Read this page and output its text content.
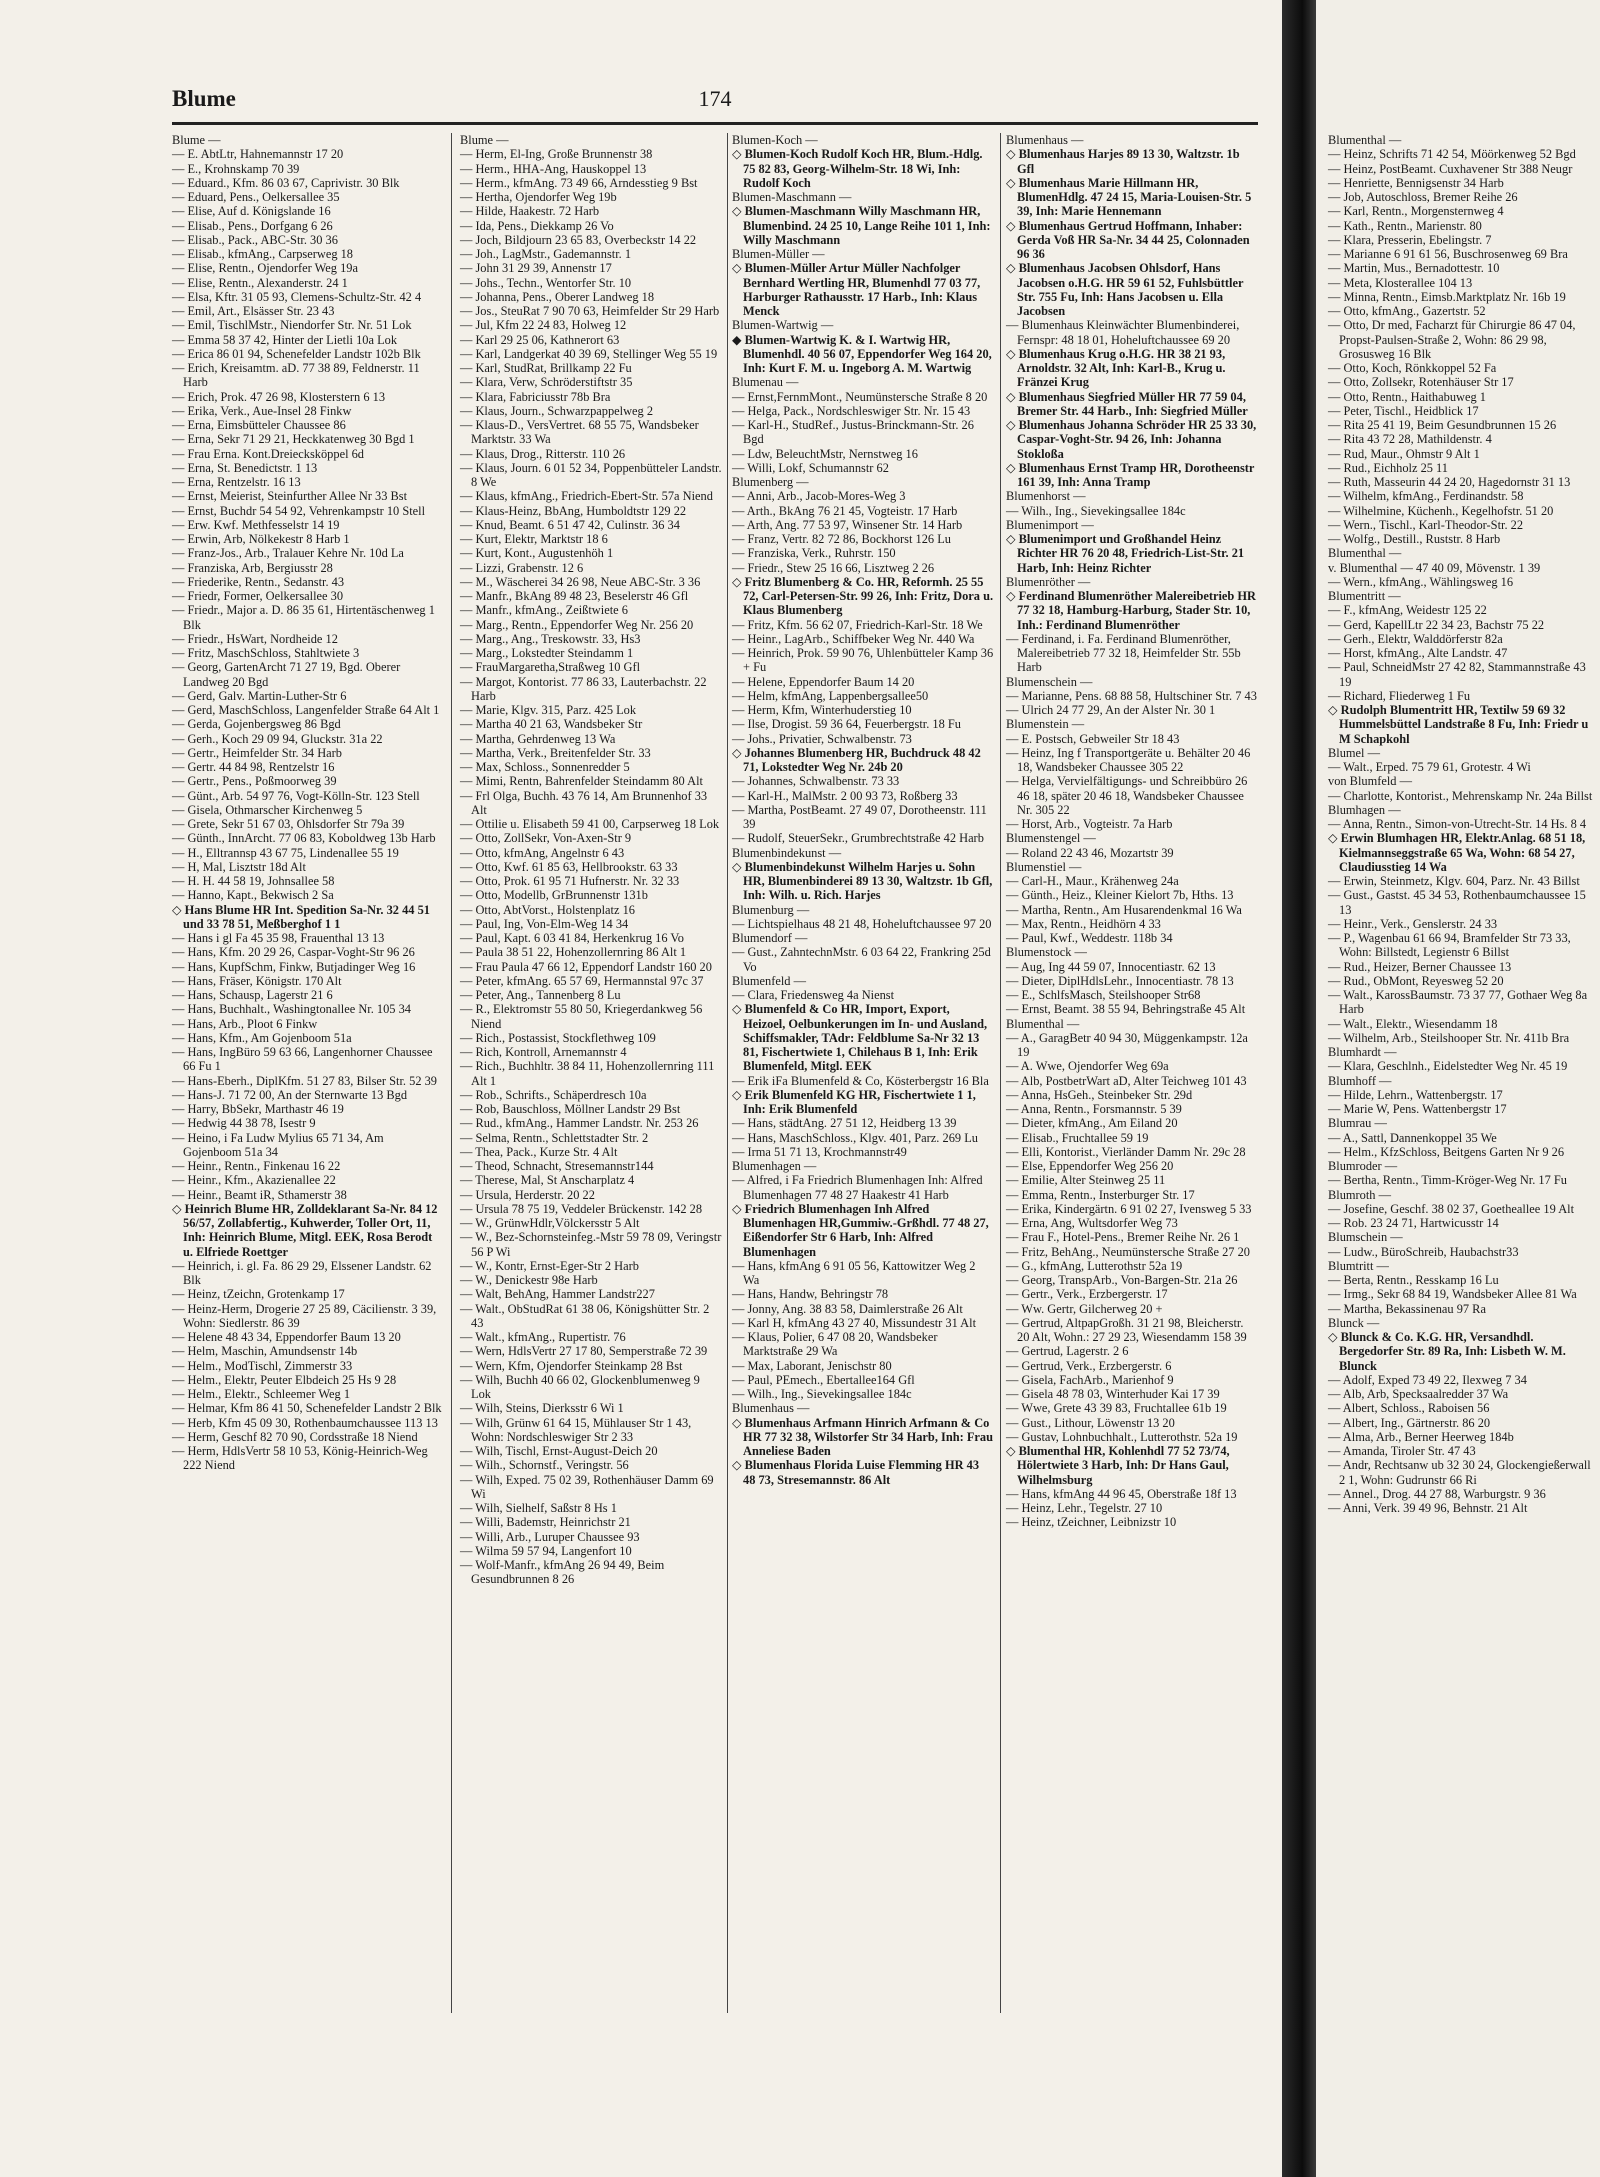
Blume	174

Blume —

— E. AbtLtr, Hahnemannstr 17 20

— E., Krohnskamp 70 39

— Eduard., Kfm. 86 03 67, Caprivistr. 30 Blk

— Eduard, Pens., Oelkersallee 35

— Elise, Auf d. Königslande 16

— Elisab., Pens., Dorfgang 6 26

— Elisab., Pack., ABC-Str. 30 36

— Elisab., kfmAng., Carpserweg 18

— Elise, Rentn., Ojendorfer Weg 19a

— Elise, Rentn., Alexanderstr. 24 1

— Elsa, Kftr. 31 05 93, Clemens-Schultz-Str. 42 4

— Emil, Art., Elsässer Str. 23 43

— Emil, TischlMstr., Niendorfer Str. Nr. 51 Lok

— Emma 58 37 42, Hinter der Lietli 10a Lok

— Erica 86 01 94, Schenefelder Landstr 102b Blk

— Erich, Kreisamtm. aD. 77 38 89, Feldnerstr. 11 Harb

— Erich, Prok. 47 26 98, Klosterstern 6 13

— Erika, Verk., Aue-Insel 28 Finkw

— Erna, Eimsbütteler Chaussee 86

— Erna, Sekr 71 29 21, Heckkatenweg 30 Bgd 1

— Frau Erna. Kont.Dreiecksköppel 6d

— Erna, St. Benedictstr. 1 13

— Erna, Rentzelstr. 16 13

— Ernst, Meierist, Steinfurther Allee Nr 33 Bst

— Ernst, Buchdr 54 54 92, Vehrenkampstr 10 Stell

— Erw. Kwf. Methfesselstr 14 19

— Erwin, Arb, Nölkekestr 8 Harb 1

— Franz-Jos., Arb., Tralauer Kehre Nr. 10d La

— Franziska, Arb, Bergiusstr 28

— Friederike, Rentn., Sedanstr. 43

— Friedr, Former, Oelkersallee 30

— Friedr., Major a. D. 86 35 61, Hirtentäschenweg 1 Blk

— Friedr., HsWart, Nordheide 12

— Fritz, MaschSchloss, Stahltwiete 3

— Georg, GartenArcht 71 27 19, Bgd. Oberer Landweg 20 Bgd

— Gerd, Galv. Martin-Luther-Str 6

— Gerd, MaschSchloss, Langenfelder Straße 64 Alt 1

— Gerda, Gojenbergsweg 86 Bgd

— Gerh., Koch 29 09 94, Gluckstr. 31a 22

— Gertr., Heimfelder Str. 34 Harb

— Gertr. 44 84 98, Rentzelstr 16

— Gertr., Pens., Poßmoorweg 39

— Günt., Arb. 54 97 76, Vogt-Kölln-Str. 123 Stell

— Gisela, Othmarscher Kirchenweg 5

— Grete, Sekr 51 67 03, Ohlsdorfer Str 79a 39

— Günth., InnArcht. 77 06 83, Koboldweg 13b Harb

— H., Elltrannsp 43 67 75, Lindenallee 55 19

— H, Mal, Lisztstr 18d Alt

— H. H. 44 58 19, Johnsallee 58

— Hanno, Kapt., Bekwisch 2 Sa

◇ Hans Blume HR Int. Spedition Sa-Nr. 32 44 51 und 33 78 51, Meßberghof 1 1

— Hans i gl Fa 45 35 98, Frauenthal 13 13

— Hans, Kfm. 20 29 26, Caspar-Voght-Str 96 26

— Hans, KupfSchm, Finkw, Butjadinger Weg 16

— Hans, Fräser, Königstr. 170 Alt

— Hans, Schausp, Lagerstr 21 6

— Hans, Buchhalt., Washingtonallee Nr. 105 34

— Hans, Arb., Ploot 6 Finkw

— Hans, Kfm., Am Gojenboom 51a

— Hans, IngBüro 59 63 66, Langenhorner Chaussee 66 Fu 1

— Hans-Eberh., DiplKfm. 51 27 83, Bilser Str. 52 39

— Hans-J. 71 72 00, An der Sternwarte 13 Bgd

— Harry, BbSekr, Marthastr 46 19

— Hedwig 44 38 78, Isestr 9

— Heino, i Fa Ludw Mylius 65 71 34, Am Gojenboom 51a 34

— Heinr., Rentn., Finkenau 16 22

— Heinr., Kfm., Akazienallee 22

— Heinr., Beamt iR, Sthamerstr 38

◇ Heinrich Blume HR, Zolldeklarant Sa-Nr. 84 12 56/57, Zollabfertig., Kuhwerder, Toller Ort, 11, Inh: Heinrich Blume, Mitgl. EEK, Rosa Berodt u. Elfriede Roettger

— Heinrich, i. gl. Fa. 86 29 29, Elssener Landstr. 62 Blk

— Heinz, tZeichn, Grotenkamp 17

— Heinz-Herm, Drogerie 27 25 89, Cäcilienstr. 3 39, Wohn: Siedlerstr. 86 39

— Helene 48 43 34, Eppendorfer Baum 13 20

— Helm, Maschin, Amundsenstr 14b

— Helm., ModTischl, Zimmerstr 33

— Helm., Elektr, Peuter Elbdeich 25 Hs 9 28

— Helm., Elektr., Schleemer Weg 1

— Helmar, Kfm 86 41 50, Schenefelder Landstr 2 Blk

— Herb, Kfm 45 09 30, Rothenbaumchaussee 113 13

— Herm, Geschf 82 70 90, Cordsstraße 18 Niend

— Herm, HdlsVertr 58 10 53, König-Heinrich-Weg 222 Niend

Blume —

— Herm, El-Ing, Große Brunnenstr 38

— Herm., HHA-Ang, Hauskoppel 13

— Herm., kfmAng. 73 49 66, Arndesstieg 9 Bst

— Hertha, Ojendorfer Weg 19b

— Hilde, Haakestr. 72 Harb

— Ida, Pens., Diekkamp 26 Vo

— Joch, Bildjourn 23 65 83, Overbeckstr 14 22

— Joh., LagMstr., Gademannstr. 1

— John 31 29 39, Annenstr 17

— Johs., Techn., Wentorfer Str. 10

— Johanna, Pens., Oberer Landweg 18

— Jos., SteuRat 7 90 70 63, Heimfelder Str 29 Harb

— Jul, Kfm 22 24 83, Holweg 12

— Karl 29 25 06, Kathnerort 63

— Karl, Landgerkat 40 39 69, Stellinger Weg 55 19

— Karl, StudRat, Brillkamp 22 Fu

— Klara, Verw, Schröderstiftstr 35

— Klara, Fabriciusstr 78b Bra

— Klaus, Journ., Schwarzpappelweg 2

— Klaus-D., VersVertret. 68 55 75, Wandsbeker Marktstr. 33 Wa

— Klaus, Drog., Ritterstr. 110 26

— Klaus, Journ. 6 01 52 34, Poppenbütteler Landstr. 8 We

— Klaus, kfmAng., Friedrich-Ebert-Str. 57a Niend

— Klaus-Heinz, BbAng, Humboldtstr 129 22

— Knud, Beamt. 6 51 47 42, Culinstr. 36 34

— Kurt, Elektr, Marktstr 18 6

— Kurt, Kont., Augustenhöh 1

— Lizzi, Grabenstr. 12 6

— M., Wäscherei 34 26 98, Neue ABC-Str. 3 36

— Manfr., BkAng 89 48 23, Beselerstr 46 Gfl

— Manfr., kfmAng., Zeißtwiete 6

— Marg., Rentn., Eppendorfer Weg Nr. 256 20

— Marg., Ang., Treskowstr. 33, Hs3

— Marg., Lokstedter Steindamm 1

— FrauMargaretha,Straßweg 10 Gfl

— Margot, Kontorist. 77 86 33, Lauterbachstr. 22 Harb

— Marie, Klgv. 315, Parz. 425 Lok

— Martha 40 21 63, Wandsbeker Str

— Martha, Gehrdenweg 13 Wa

— Martha, Verk., Breitenfelder Str. 33

— Max, Schloss., Sonnenredder 5

— Mimi, Rentn, Bahrenfelder Steindamm 80 Alt

— Frl Olga, Buchh. 43 76 14, Am Brunnenhof 33 Alt

— Ottilie u. Elisabeth 59 41 00, Carpserweg 18 Lok

— Otto, ZollSekr, Von-Axen-Str 9

— Otto, kfmAng, Angelnstr 6 43

— Otto, Kwf. 61 85 63, Hellbrookstr. 63 33

— Otto, Prok. 61 95 71 Hufnerstr. Nr. 32 33

— Otto, Modellb, GrBrunnenstr 131b

— Otto, AbtVorst., Holstenplatz 16

— Paul, Ing, Von-Elm-Weg 14 34

— Paul, Kapt. 6 03 41 84, Herkenkrug 16 Vo

— Paula 38 51 22, Hohenzollernring 86 Alt 1

— Frau Paula 47 66 12, Eppendorf Landstr 160 20

— Peter, kfmAng. 65 57 69, Hermannstal 97c 37

— Peter, Ang., Tannenberg 8 Lu

— R., Elektromstr 55 80 50, Kriegerdankweg 56 Niend

— Rich., Postassist, Stockflethweg 109

— Rich, Kontroll, Arnemannstr 4

— Rich., Buchhltr. 38 84 11, Hohenzollernring 111 Alt 1

— Rob., Schrifts., Schäperdresch 10a

— Rob, Bauschloss, Möllner Landstr 29 Bst

— Rud., kfmAng., Hammer Landstr. Nr. 253 26

— Selma, Rentn., Schlettstadter Str. 2

— Thea, Pack., Kurze Str. 4 Alt

— Theod, Schnacht, Stresemannstr144

— Therese, Mal, St Anscharplatz 4

— Ursula, Herderstr. 20 22

— Ursula 78 75 19, Veddeler Brückenstr. 142 28

— W., GrünwHdlr,Völckersstr 5 Alt

— W., Bez-Schornsteinfeg.-Mstr 59 78 09, Veringstr 56 P Wi

— W., Kontr, Ernst-Eger-Str 2 Harb

— W., Denickestr 98e Harb

— Walt, BehAng, Hammer Landstr227

— Walt., ObStudRat 61 38 06, Königshütter Str. 2 43

— Walt., kfmAng., Rupertistr. 76

— Wern, HdlsVertr 27 17 80, Semperstraße 72 39

— Wern, Kfm, Ojendorfer Steinkamp 28 Bst

— Wilh, Buchh 40 66 02, Glockenblumenweg 9 Lok

— Wilh, Steins, Dierksstr 6 Wi 1

— Wilh, Grünw 61 64 15, Mühlauser Str 1 43, Wohn: Nordschleswiger Str 2 33

— Wilh, Tischl, Ernst-August-Deich 20

— Wilh., Schornstf., Veringstr. 56

— Wilh, Exped. 75 02 39, Rothenhäuser Damm 69 Wi

— Wilh, Sielhelf, Saßstr 8 Hs 1

— Willi, Bademstr, Heinrichstr 21

— Willi, Arb., Luruper Chaussee 93

— Wilma 59 57 94, Langenfort 10

— Wolf-Manfr., kfmAng 26 94 49, Beim Gesundbrunnen 8 26

Blumen-Koch —

◇ Blumen-Koch Rudolf Koch HR, Blum.-Hdlg. 75 82 83, Georg-Wilhelm-Str. 18 Wi, Inh: Rudolf Koch

Blumen-Maschmann —

◇ Blumen-Maschmann Willy Maschmann HR, Blumenbind. 24 25 10, Lange Reihe 101 1, Inh: Willy Maschmann

Blumen-Müller —

◇ Blumen-Müller Artur Müller Nachfolger Bernhard Wertling HR, Blumenhdl 77 03 77, Harburger Rathausstr. 17 Harb., Inh: Klaus Menck

Blumen-Wartwig —

◆ Blumen-Wartwig K. & I. Wartwig HR, Blumenhdl. 40 56 07, Eppendorfer Weg 164 20, Inh: Kurt F. M. u. Ingeborg A. M. Wartwig

Blumenau —

— Ernst,FernmMont., Neumünstersche Straße 8 20

— Helga, Pack., Nordschleswiger Str. Nr. 15 43

— Karl-H., StudRef., Justus-Brinckmann-Str. 26 Bgd

— Ldw, BeleuchtMstr, Nernstweg 16

— Willi, Lokf, Schumannstr 62

Blumenberg —

— Anni, Arb., Jacob-Mores-Weg 3

— Arth., BkAng 76 21 45, Vogteistr. 17 Harb

— Arth, Ang. 77 53 97, Winsener Str. 14 Harb

— Franz, Vertr. 82 72 86, Bockhorst 126 Lu

— Franziska, Verk., Ruhrstr. 150

— Friedr., Stew 25 16 66, Lisztweg 2 26

◇ Fritz Blumenberg & Co. HR, Reformh. 25 55 72, Carl-Petersen-Str. 99 26, Inh: Fritz, Dora u. Klaus Blumenberg

— Fritz, Kfm. 56 62 07, Friedrich-Karl-Str. 18 We

— Heinr., LagArb., Schiffbeker Weg Nr. 440 Wa

— Heinrich, Prok. 59 90 76, Uhlenbütteler Kamp 36 + Fu

— Helene, Eppendorfer Baum 14 20

— Helm, kfmAng, Lappenbergsallee50

— Herm, Kfm, Winterhuderstieg 10

— Ilse, Drogist. 59 36 64, Feuerbergstr. 18 Fu

— Johs., Privatier, Schwalbenstr. 73

◇ Johannes Blumenberg HR, Buchdruck 48 42 71, Lokstedter Weg Nr. 24b 20

— Johannes, Schwalbenstr. 73 33

— Karl-H., MalMstr. 2 00 93 73, Roßberg 33

— Martha, PostBeamt. 27 49 07, Dorotheenstr. 111 39

— Rudolf, SteuerSekr., Grumbrechtstraße 42 Harb

Blumenbindekunst —

◇ Blumenbindekunst Wilhelm Harjes u. Sohn HR, Blumenbinderei 89 13 30, Waltzstr. 1b Gfl, Inh: Wilh. u. Rich. Harjes

Blumenburg —

— Lichtspielhaus 48 21 48, Hoheluftchaussee 97 20

Blumendorf —

— Gust., ZahntechnMstr. 6 03 64 22, Frankring 25d Vo

Blumenfeld —

— Clara, Friedensweg 4a Nienst

◇ Blumenfeld & Co HR, Import, Export, Heizoel, Oelbunkerungen im In- und Ausland, Schiffsmakler, TAdr: Feldblume Sa-Nr 32 13 81, Fischertwiete 1, Chilehaus B 1, Inh: Erik Blumenfeld, Mitgl. EEK

— Erik iFa Blumenfeld & Co, Kösterbergstr 16 Bla

◇ Erik Blumenfeld KG HR, Fischertwiete 1 1, Inh: Erik Blumenfeld

— Hans, städtAng. 27 51 12, Heidberg 13 39

— Hans, MaschSchloss., Klgv. 401, Parz. 269 Lu

— Irma 51 71 13, Krochmannstr49

Blumenhagen —

— Alfred, i Fa Friedrich Blumenhagen Inh: Alfred Blumenhagen 77 48 27 Haakestr 41 Harb

◇ Friedrich Blumenhagen Inh Alfred Blumenhagen HR,Gummiw.-Grßhdl. 77 48 27, Eißendorfer Str 6 Harb, Inh: Alfred Blumenhagen

— Hans, kfmAng 6 91 05 56, Kattowitzer Weg 2 Wa

— Hans, Handw, Behringstr 78

— Jonny, Ang. 38 83 58, Daimlerstraße 26 Alt

— Karl H, kfmAng 43 27 40, Missundestr 31 Alt

— Klaus, Polier, 6 47 08 20, Wandsbeker Marktstraße 29 Wa

— Max, Laborant, Jenischstr 80

— Paul, PEmech., Ebertallee164 Gfl

— Wilh., Ing., Sievekingsallee 184c

Blumenhaus —

◇ Blumenhaus Arfmann Hinrich Arfmann & Co HR 77 32 38, Wilstorfer Str 34 Harb, Inh: Frau Anneliese Baden

◇ Blumenhaus Florida Luise Flemming HR 43 48 73, Stresemannstr. 86 Alt

Blumenhaus —

◇ Blumenhaus Harjes 89 13 30, Waltzstr. 1b Gfl

◇ Blumenhaus Marie Hillmann HR, BlumenHdlg. 47 24 15, Maria-Louisen-Str. 5 39, Inh: Marie Hennemann

◇ Blumenhaus Gertrud Hoffmann, Inhaber: Gerda Voß HR Sa-Nr. 34 44 25, Colonnaden 96 36

◇ Blumenhaus Jacobsen Ohlsdorf, Hans Jacobsen o.H.G. HR 59 61 52, Fuhlsbüttler Str. 755 Fu, Inh: Hans Jacobsen u. Ella Jacobsen

— Blumenhaus Kleinwächter Blumenbinderei, Fernspr: 48 18 01, Hoheluftchaussee 69 20

◇ Blumenhaus Krug o.H.G. HR 38 21 93, Arnoldstr. 32 Alt, Inh: Karl-B., Krug u. Fränzei Krug

◇ Blumenhaus Siegfried Müller HR 77 59 04, Bremer Str. 44 Harb., Inh: Siegfried Müller

◇ Blumenhaus Johanna Schröder HR 25 33 30, Caspar-Voght-Str. 94 26, Inh: Johanna Stokloßa

◇ Blumenhaus Ernst Tramp HR, Dorotheenstr 161 39, Inh: Anna Tramp

Blumenhorst —

— Wilh., Ing., Sievekingsallee 184c

Blumenimport —

◇ Blumenimport und Großhandel Heinz Richter HR 76 20 48, Friedrich-List-Str. 21 Harb, Inh: Heinz Richter

Blumenröther —

◇ Ferdinand Blumenröther Malereibetrieb HR 77 32 18, Hamburg-Harburg, Stader Str. 10, Inh.: Ferdinand Blumenröther

— Ferdinand, i. Fa. Ferdinand Blumenröther, Malereibetrieb 77 32 18, Heimfelder Str. 55b Harb

Blumenschein —

— Marianne, Pens. 68 88 58, Hultschiner Str. 7 43

— Ulrich 24 77 29, An der Alster Nr. 30 1

Blumenstein —

— E. Postsch, Gebweiler Str 18 43

— Heinz, Ing f Transportgeräte u. Behälter 20 46 18, Wandsbeker Chaussee 305 22

— Helga, Vervielfältigungs- und Schreibbüro 26 46 18, später 20 46 18, Wandsbeker Chaussee Nr. 305 22

— Horst, Arb., Vogteistr. 7a Harb

Blumenstengel —

— Roland 22 43 46, Mozartstr 39

Blumenstiel —

— Carl-H., Maur., Krähenweg 24a

— Günth., Heiz., Kleiner Kielort 7b, Hths. 13

— Martha, Rentn., Am Husarendenkmal 16 Wa

— Max, Rentn., Heidhörn 4 33

— Paul, Kwf., Weddestr. 118b 34

Blumenstock —

— Aug, Ing 44 59 07, Innocentiastr. 62 13

— Dieter, DiplHdlsLehr., Innocentiastr. 78 13

— E., SchlfsMasch, Steilshooper Str68

— Ernst, Beamt. 38 55 94, Behringstraße 45 Alt

Blumenthal —

— A., GaragBetr 40 94 30, Müggenkampstr. 12a 19

— A. Wwe, Ojendorfer Weg 69a

— Alb, PostbetrWart aD, Alter Teichweg 101 43

— Anna, HsGeh., Steinbeker Str. 29d

— Anna, Rentn., Forsmannstr. 5 39

— Dieter, kfmAng., Am Eiland 20

— Elisab., Fruchtallee 59 19

— Elli, Kontorist., Vierländer Damm Nr. 29c 28

— Else, Eppendorfer Weg 256 20

— Emilie, Alter Steinweg 25 11

— Emma, Rentn., Insterburger Str. 17

— Erika, Kindergärtn. 6 91 02 27, Ivensweg 5 33

— Erna, Ang, Wultsdorfer Weg 73

— Frau F., Hotel-Pens., Bremer Reihe Nr. 26 1

— Fritz, BehAng., Neumünstersche Straße 27 20

— G., kfmAng, Lutterothstr 52a 19

— Georg, TranspArb., Von-Bargen-Str. 21a 26

— Gertr., Verk., Erzbergerstr. 17

— Ww. Gertr, Gilcherweg 20 +

— Gertrud, AltpapGroßh. 31 21 98, Bleicherstr. 20 Alt, Wohn.: 27 29 23, Wiesendamm 158 39

— Gertrud, Lagerstr. 2 6

— Gertrud, Verk., Erzbergerstr. 6

— Gisela, FachArb., Marienhof 9

— Gisela 48 78 03, Winterhuder Kai 17 39

— Wwe, Grete 43 39 83, Fruchtallee 61b 19

— Gust., Lithour, Löwenstr 13 20

— Gustav, Lohnbuchhalt., Lutterothstr. 52a 19

◇ Blumenthal HR, Kohlenhdl 77 52 73/74, Hölertwiete 3 Harb, Inh: Dr Hans Gaul, Wilhelmsburg

— Hans, kfmAng 44 96 45, Oberstraße 18f 13

— Heinz, Lehr., Tegelstr. 27 10

— Heinz, tZeichner, Leibnizstr 10

Blumenthal —

— Heinz, Schrifts 71 42 54, Möörkenweg 52 Bgd

— Heinz, PostBeamt. Cuxhavener Str 388 Neugr

— Henriette, Bennigsenstr 34 Harb

— Job, Autoschloss, Bremer Reihe 26

— Karl, Rentn., Morgensternweg 4

— Kath., Rentn., Marienstr. 80

— Klara, Presserin, Ebelingstr. 7

— Marianne 6 91 61 56, Buschrosenweg 69 Bra

— Martin, Mus., Bernadottestr. 10

— Meta, Klosterallee 104 13

— Minna, Rentn., Eimsb.Marktplatz Nr. 16b 19

— Otto, kfmAng., Gazertstr. 52

— Otto, Dr med, Facharzt für Chirurgie 86 47 04, Propst-Paulsen-Straße 2, Wohn: 86 29 98, Grosusweg 16 Blk

— Otto, Koch, Rönkkoppel 52 Fa

— Otto, Zollsekr, Rotenhäuser Str 17

— Otto, Rentn., Haithabuweg 1

— Peter, Tischl., Heidblick 17

— Rita 25 41 19, Beim Gesundbrunnen 15 26

— Rita 43 72 28, Mathildenstr. 4

— Rud, Maur., Ohmstr 9 Alt 1

— Rud., Eichholz 25 11

— Ruth, Masseurin 44 24 20, Hagedornstr 31 13

— Wilhelm, kfmAng., Ferdinandstr. 58

— Wilhelmine, Küchenh., Kegelhofstr. 51 20

— Wern., Tischl., Karl-Theodor-Str. 22

— Wolfg., Destill., Ruststr. 8 Harb

Blumenthal —

v. Blumenthal — 47 40 09, Mövenstr. 1 39

— Wern., kfmAng., Wählingsweg 16

Blumentritt —

— F., kfmAng, Weidestr 125 22

— Gerd, KapellLtr 22 34 23, Bachstr 75 22

— Gerh., Elektr, Walddörferstr 82a

— Horst, kfmAng., Alte Landstr. 47

— Paul, SchneidMstr 27 42 82, Stammannstraße 43 19

— Richard, Fliederweg 1 Fu

◇ Rudolph Blumentritt HR, Textilw 59 69 32 Hummelsbüttel Landstraße 8 Fu, Inh: Friedr u M Schapkohl

Blumel —

— Walt., Erped. 75 79 61, Grotestr. 4 Wi

von Blumfeld —

— Charlotte, Kontorist., Mehrenskamp Nr. 24a Billst

Blumhagen —

— Anna, Rentn., Simon-von-Utrecht-Str. 14 Hs. 8 4

◇ Erwin Blumhagen HR, Elektr.Anlag. 68 51 18, Kielmannseggstraße 65 Wa, Wohn: 68 54 27, Claudiusstieg 14 Wa

— Erwin, Steinmetz, Klgv. 604, Parz. Nr. 43 Billst

— Gust., Gastst. 45 34 53, Rothenbaumchaussee 15 13

— Heinr., Verk., Genslerstr. 24 33

— P., Wagenbau 61 66 94, Bramfelder Str 73 33, Wohn: Billstedt, Legienstr 6 Billst

— Rud., Heizer, Berner Chaussee 13

— Rud., ObMont, Reyesweg 52 20

— Walt., KarossBaumstr. 73 37 77, Gothaer Weg 8a Harb

— Walt., Elektr., Wiesendamm 18

— Wilhelm, Arb., Steilshooper Str. Nr. 411b Bra

Blumhardt —

— Klara, Geschlnh., Eidelstedter Weg Nr. 45 19

Blumhoff —

— Hilde, Lehrn., Wattenbergstr. 17

— Marie W, Pens. Wattenbergstr 17

Blumrau —

— A., Sattl, Dannenkoppel 35 We

— Helm., KfzSchloss, Beitgens Garten Nr 9 26

Blumroder —

— Bertha, Rentn., Timm-Kröger-Weg Nr. 17 Fu

Blumroth —

— Josefine, Geschf. 38 02 37, Goetheallee 19 Alt

— Rob. 23 24 71, Hartwicusstr 14

Blumschein —

— Ludw., BüroSchreib, Haubachstr33

Blumtritt —

— Berta, Rentn., Resskamp 16 Lu

— Irmg., Sekr 68 84 19, Wandsbeker Allee 81 Wa

— Martha, Bekassinenau 97 Ra

Blunck —

◇ Blunck & Co. K.G. HR, Versandhdl. Bergedorfer Str. 89 Ra, Inh: Lisbeth W. M. Blunck

— Adolf, Exped 73 49 22, Ilexweg 7 34

— Alb, Arb, Specksaalredder 37 Wa

— Albert, Schloss., Raboisen 56

— Albert, Ing., Gärtnerstr. 86 20

— Alma, Arb., Berner Heerweg 184b

— Amanda, Tiroler Str. 47 43

— Andr, Rechtsanw ub 32 30 24, Glockengießerwall 2 1, Wohn: Gudrunstr 66 Ri

— Annel., Drog. 44 27 88, Warburgstr. 9 36

— Anni, Verk. 39 49 96, Behnstr. 21 Alt
